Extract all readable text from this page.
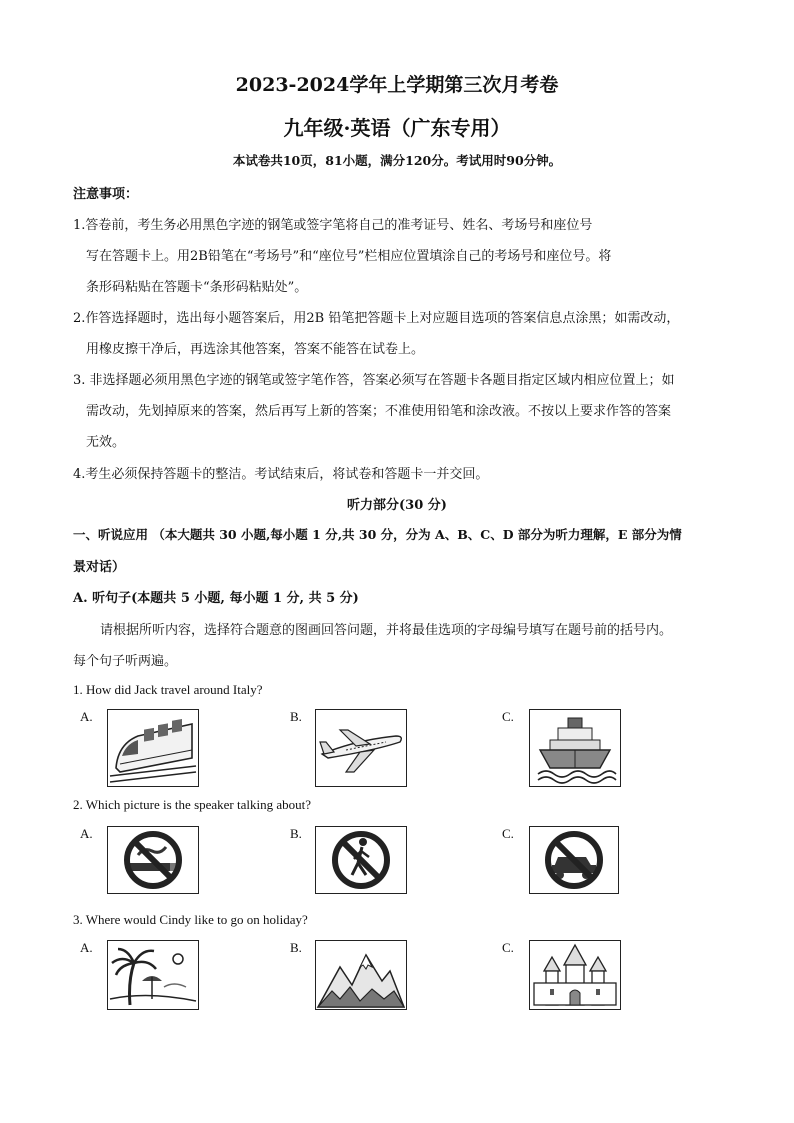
2023-2024学年上学期第三次月考卷
九年级·英语（广东专用）
本试卷共10页，81小题，满分120分。考试用时90分钟。
注意事项：
1.答卷前，考生务必用黑色字迹的钢笔或签字笔将自己的准考证号、姓名、考场号和座位号
写在答题卡上。用2B铅笔在“考场号”和“座位号”栏相应位置填涂自己的考场号和座位号。将
条形码粘贴在答题卡“条形码粘贴处”。
2.作答选择题时，选出每小题答案后，用2B 铅笔把答题卡上对应题目选项的答案信息点涂黑；如需改动，
用橡皮擦干净后，再选涂其他答案，答案不能答在试卷上。
3. 非选择题必须用黑色字迹的钢笔或签字笔作答，答案必须写在答题卡各题目指定区域内相应位置上；如
需改动，先划掉原来的答案，然后再写上新的答案；不准使用铅笔和涂改液。不按以上要求作答的答案
无效。
4.考生必须保持答题卡的整洁。考试结束后，将试卷和答题卡一并交回。
听力部分(30 分)
一、听说应用 （本大题共 30 小题,每小题 1 分,共 30 分，分为 A、B、C、D 部分为听力理解，E 部分为情
景对话）
A. 听句子(本题共 5 小题, 每小题 1 分, 共 5 分)
请根据所听内容，选择符合题意的图画回答问题，并将最佳选项的字母编号填写在题号前的括号内。
每个句子听两遍。
1. How did Jack travel around Italy?
A.	B.	C.
2. Which picture is the speaker talking about?
A.	B.	C.
3. Where would Cindy like to go on holiday?
A.	B.	C.
